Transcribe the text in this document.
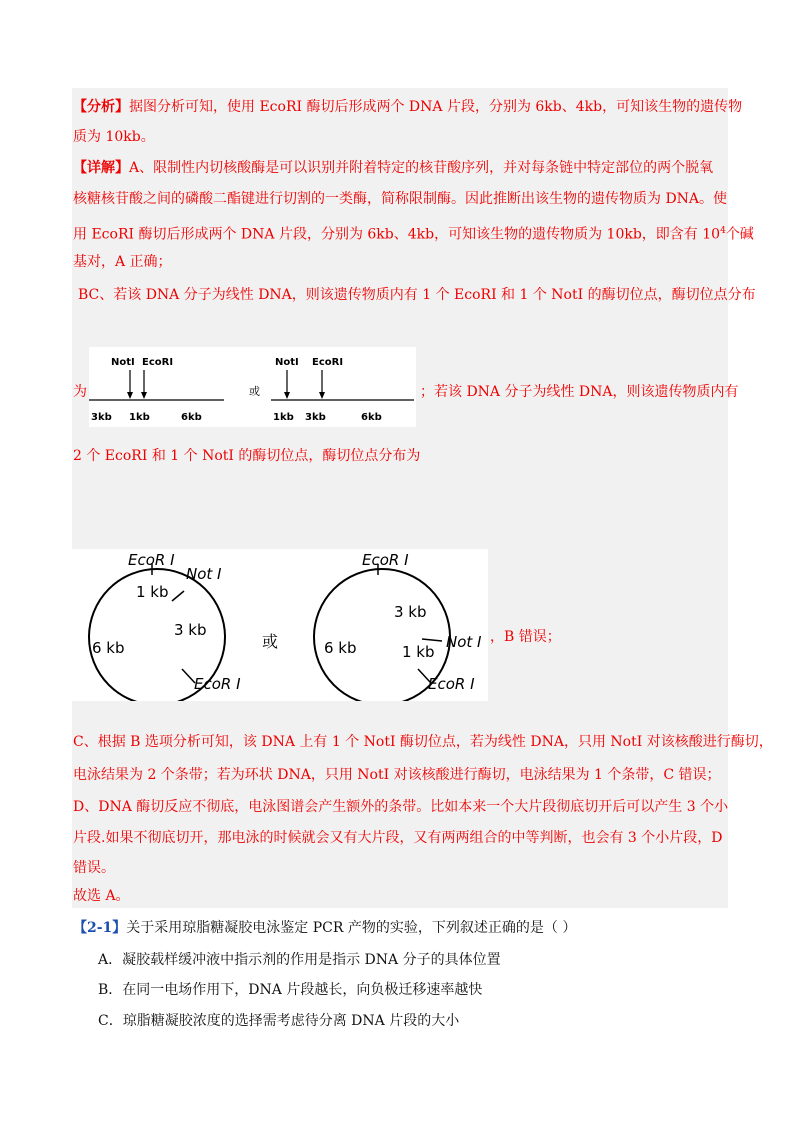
【分析】据图分析可知，使用 EcoRI 酶切后形成两个 DNA 片段，分别为 6kb、4kb，可知该生物的遗传物
质为 10kb。
【详解】A、限制性内切核酸酶是可以识别并附着特定的核苷酸序列，并对每条链中特定部位的两个脱氧
核糖核苷酸之间的磷酸二酯键进行切割的一类酶，简称限制酶。因此推断出该生物的遗传物质为 DNA。使
用 EcoRI 酶切后形成两个 DNA 片段，分别为 6kb、4kb，可知该生物的遗传物质为 10kb，即含有 $10^4$个碱
基对，A 正确；
BC、若该 DNA 分子为线性 DNA，则该遗传物质内有 1 个 EcoRI 和 1 个 NotI 的酶切位点，酶切位点分布
为
NotI EcoRI
3kb 1kb	6kb
或
NotI EcoRI
1kb 3kb	6kb
；若该 DNA 分子为线性 DNA，则该遗传物质内有
2 个 EcoRI 和 1 个 NotI 的酶切位点，酶切位点分布为
EcoR I
Not I
1 kb
3 kb
6 kb
EcoR I
或
EcoR I
3 kb
Not I
1 kb
6 kb
EcoR I
，B 错误；
C、根据 B 选项分析可知，该 DNA 上有 1 个 NotI 酶切位点，若为线性 DNA，只用 NotI 对该核酸进行酶切，
电泳结果为 2 个条带；若为环状 DNA，只用 NotI 对该核酸进行酶切，电泳结果为 1 个条带，C 错误；
D、DNA 酶切反应不彻底，电泳图谱会产生额外的条带。比如本来一个大片段彻底切开后可以产生 3 个小
片段.如果不彻底切开，那电泳的时候就会又有大片段，又有两两组合的中等判断，也会有 3 个小片段，D
错误。
故选 A。
【2-1】关于采用琼脂糖凝胶电泳鉴定 PCR 产物的实验，下列叙述正确的是（ ）
A．凝胶载样缓冲液中指示剂的作用是指示 DNA 分子的具体位置
B．在同一电场作用下，DNA 片段越长，向负极迁移速率越快
C．琼脂糖凝胶浓度的选择需考虑待分离 DNA 片段的大小
